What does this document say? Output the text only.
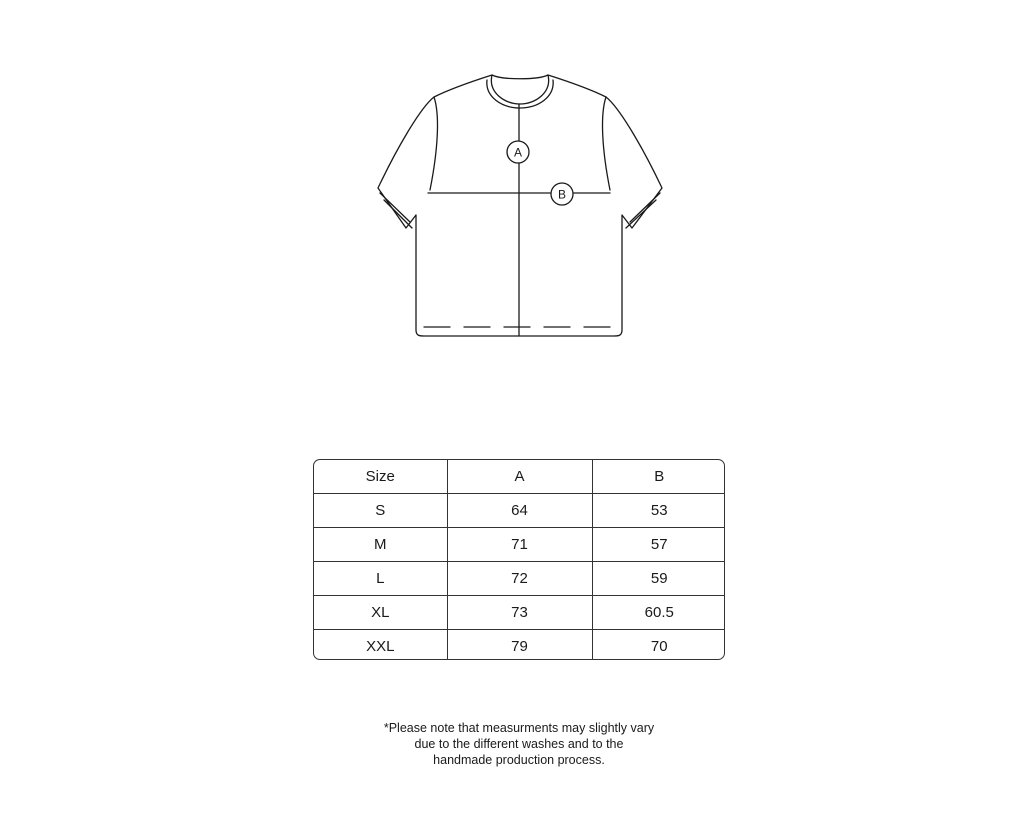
A
B
Size	A	B
S	64	53
M	71	57
L	72	59
XL	73	60.5
XXL	79	70
*Please note that measurments may slightly vary
due to the different washes and to the
handmade production process.
